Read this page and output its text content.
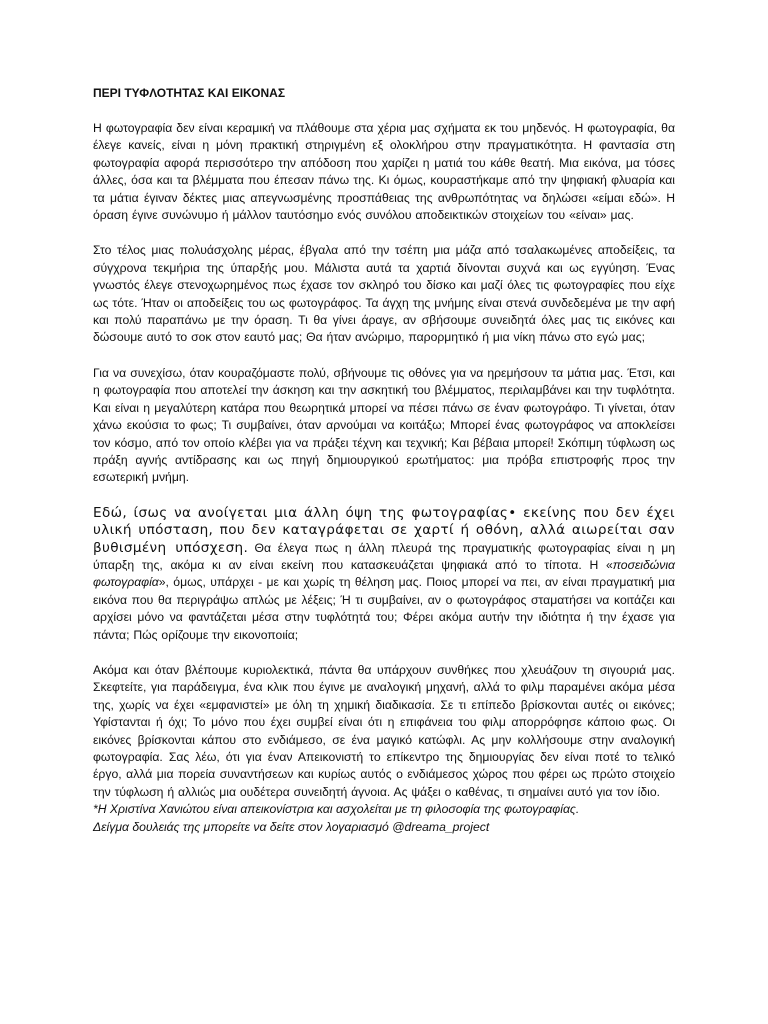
ΠΕΡΙ ΤΥΦΛΟΤΗΤΑΣ ΚΑΙ ΕΙΚΟΝΑΣ

Η φωτογραφία δεν είναι κεραμική να πλάθουμε στα χέρια μας σχήματα εκ του μηδενός. Η φωτογραφία, θα έλεγε κανείς, είναι η μόνη πρακτική στηριγμένη εξ ολοκλήρου στην πραγματικότητα. Η φαντασία στη φωτογραφία αφορά περισσότερο την απόδοση που χαρίζει η ματιά του κάθε θεατή. Μια εικόνα, μα τόσες άλλες, όσα και τα βλέμματα που έπεσαν πάνω της. Κι όμως, κουραστήκαμε από την ψηφιακή φλυαρία και τα μάτια έγιναν δέκτες μιας απεγνωσμένης προσπάθειας της ανθρωπότητας να δηλώσει «είμαι εδώ». Η όραση έγινε συνώνυμο ή μάλλον ταυτόσημο ενός συνόλου αποδεικτικών στοιχείων του «είναι» μας.

Στο τέλος μιας πολυάσχολης μέρας, έβγαλα από την τσέπη μια μάζα από τσαλακωμένες αποδείξεις, τα σύγχρονα τεκμήρια της ύπαρξής μου. Μάλιστα αυτά τα χαρτιά δίνονται συχνά και ως εγγύηση. Ένας γνωστός έλεγε στενοχωρημένος πως έχασε τον σκληρό του δίσκο και μαζί όλες τις φωτογραφίες που είχε ως τότε. Ήταν οι αποδείξεις του ως φωτογράφος. Τα άγχη της μνήμης είναι στενά συνδεδεμένα με την αφή και πολύ παραπάνω με την όραση. Τι θα γίνει άραγε, αν σβήσουμε συνειδητά όλες μας τις εικόνες και δώσουμε αυτό το σοκ στον εαυτό μας; Θα ήταν ανώριμο, παρορμητικό ή μια νίκη πάνω στο εγώ μας;

Για να συνεχίσω, όταν κουραζόμαστε πολύ, σβήνουμε τις οθόνες για να ηρεμήσουν τα μάτια μας. Έτσι, και η φωτογραφία που αποτελεί την άσκηση και την ασκητική του βλέμματος, περιλαμβάνει και την τυφλότητα. Και είναι η μεγαλύτερη κατάρα που θεωρητικά μπορεί να πέσει πάνω σε έναν φωτογράφο. Τι γίνεται, όταν χάνω εκούσια το φως; Τι συμβαίνει, όταν αρνούμαι να κοιτάξω; Μπορεί ένας φωτογράφος να αποκλείσει τον κόσμο, από τον οποίο κλέβει για να πράξει τέχνη και τεχνική; Και βέβαια μπορεί! Σκόπιμη τύφλωση ως πράξη αγνής αντίδρασης και ως πηγή δημιουργικού ερωτήματος: μια πρόβα επιστροφής προς την εσωτερική μνήμη.

Εδώ, ίσως να ανοίγεται μια άλλη όψη της φωτογραφίας• εκείνης που δεν έχει υλική υπόσταση, που δεν καταγράφεται σε χαρτί ή οθόνη, αλλά αιωρείται σαν βυθισμένη υπόσχεση. Θα έλεγα πως η άλλη πλευρά της πραγματικής φωτογραφίας είναι η μη ύπαρξη της, ακόμα κι αν είναι εκείνη που κατασκευάζεται ψηφιακά από το τίποτα. Η «ποσειδώνια φωτογραφία», όμως, υπάρχει - με και χωρίς τη θέληση μας. Ποιος μπορεί να πει, αν είναι πραγματική μια εικόνα που θα περιγράψω απλώς με λέξεις; Ή τι συμβαίνει, αν ο φωτογράφος σταματήσει να κοιτάζει και αρχίσει μόνο να φαντάζεται μέσα στην τυφλότητά του; Φέρει ακόμα αυτήν την ιδιότητα ή την έχασε για πάντα; Πώς ορίζουμε την εικονοποιία;

Ακόμα και όταν βλέπουμε κυριολεκτικά, πάντα θα υπάρχουν συνθήκες που χλευάζουν τη σιγουριά μας. Σκεφτείτε, για παράδειγμα, ένα κλικ που έγινε με αναλογική μηχανή, αλλά το φιλμ παραμένει ακόμα μέσα της, χωρίς να έχει «εμφανιστεί» με όλη τη χημική διαδικασία. Σε τι επίπεδο βρίσκονται αυτές οι εικόνες; Υφίστανται ή όχι; Το μόνο που έχει συμβεί είναι ότι η επιφάνεια του φιλμ απορρόφησε κάποιο φως. Οι εικόνες βρίσκονται κάπου στο ενδιάμεσο, σε ένα μαγικό κατώφλι. Ας μην κολλήσουμε στην αναλογική φωτογραφία. Σας λέω, ότι για έναν Απεικονιστή το επίκεντρο της δημιουργίας δεν είναι ποτέ το τελικό έργο, αλλά μια πορεία συναντήσεων και κυρίως αυτός ο ενδιάμεσος χώρος που φέρει ως πρώτο στοιχείο την τύφλωση ή αλλιώς μια ουδέτερα συνειδητή άγνοια. Ας ψάξει ο καθένας, τι σημαίνει αυτό για τον ίδιο.

*Η Χριστίνα Χανιώτου είναι απεικονίστρια και ασχολείται με τη φιλοσοφία της φωτογραφίας.
Δείγμα δουλειάς της μπορείτε να δείτε στον λογαριασμό @dreama_project
